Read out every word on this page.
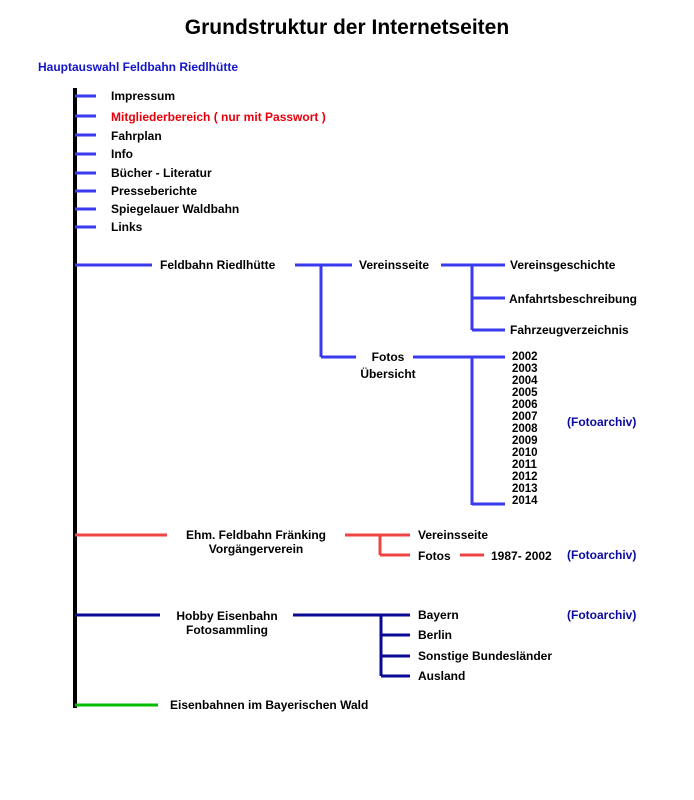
Grundstruktur der Internetseiten
Hauptauswahl Feldbahn Riedlhütte
Impressum
Mitgliederbereich ( nur mit Passwort )
Fahrplan
Info
Bücher - Literatur
Presseberichte
Spiegelauer Waldbahn
Links
Feldbahn Riedlhütte	Vereinsseite	Vereinsgeschichte
Anfahrtsbeschreibung
Fahrzeugverzeichnis
Fotos
Übersicht
2002
2003
2004
2005
2006
2007
2008
2009
2010
2011
2012
2013
2014
(Fotoarchiv)
Ehm. Feldbahn Fränking
Vorgängerverein
Vereinsseite
Fotos	1987- 2002 (Fotoarchiv)
Hobby Eisenbahn
Fotosammling
Bayern
Berlin
Sonstige Bundesländer
Ausland
(Fotoarchiv)
Eisenbahnen im Bayerischen Wald
